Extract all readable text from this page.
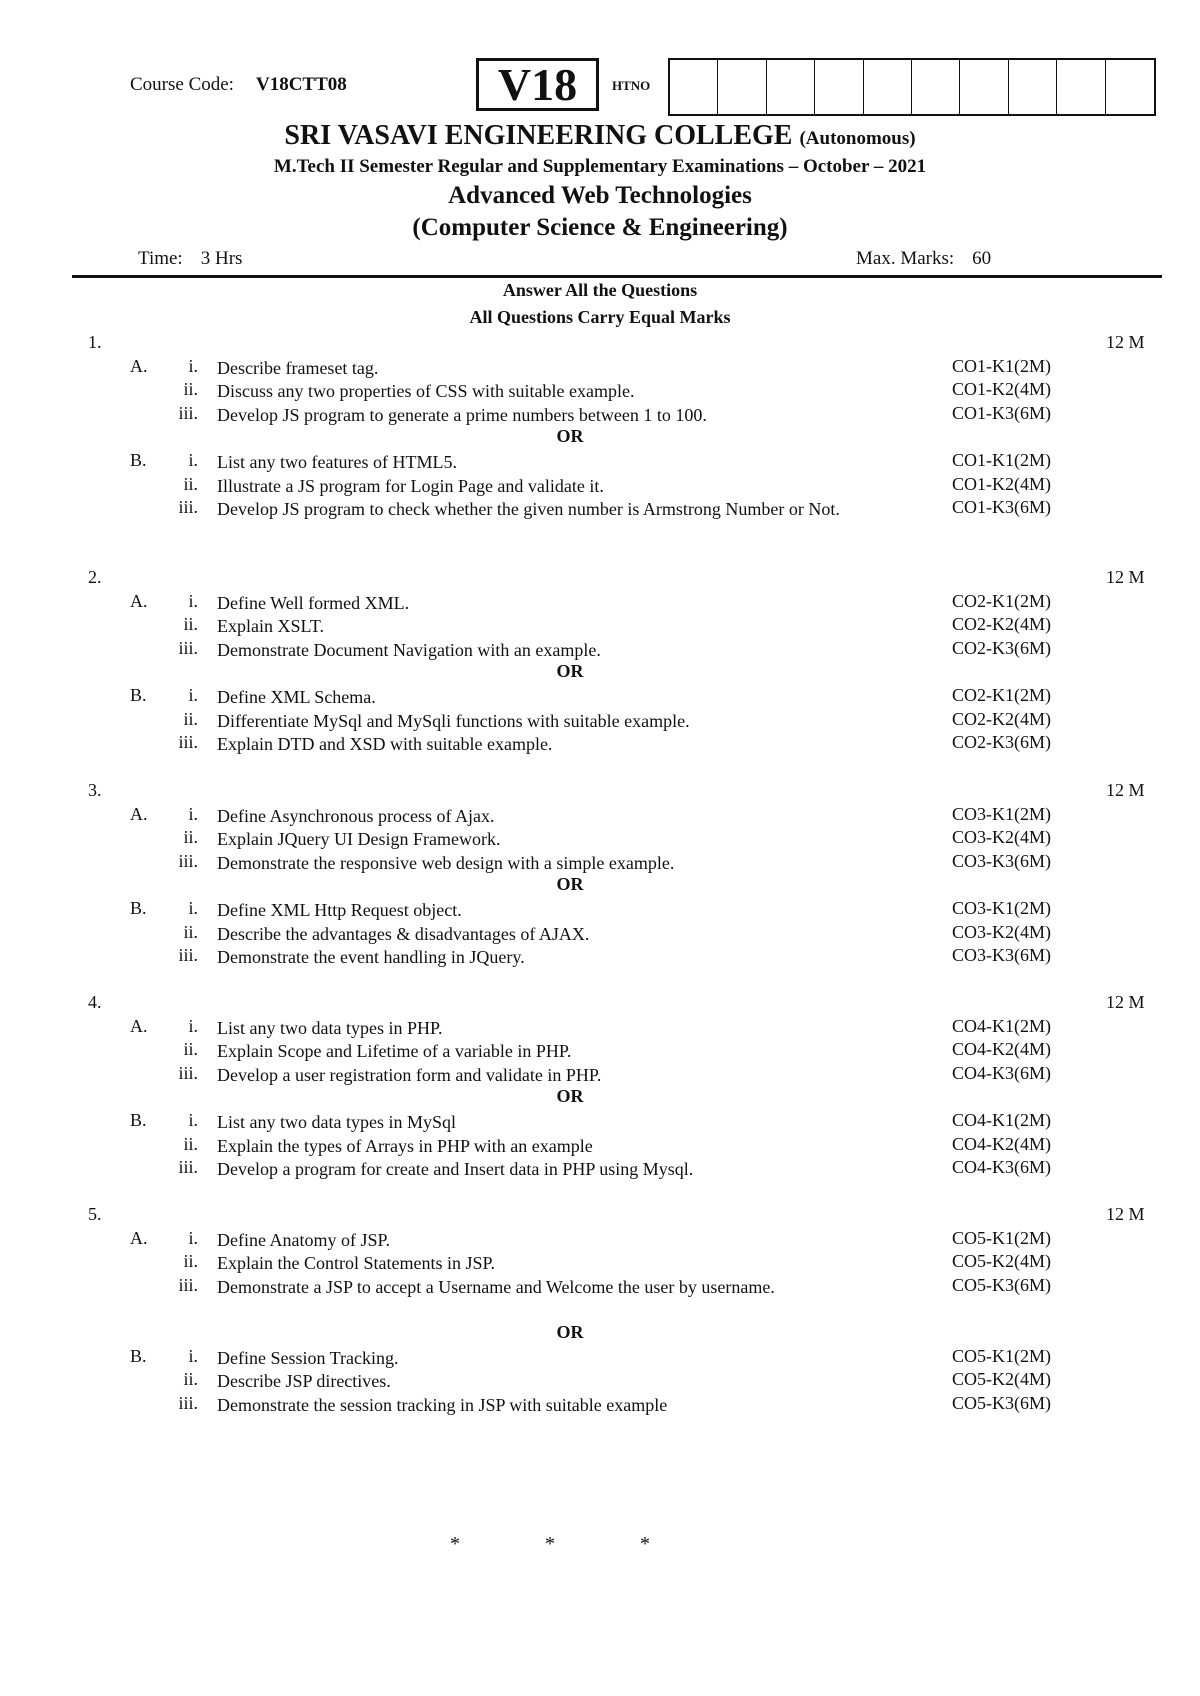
Course Code: V18CTT08	V18	HTNO
SRI VASAVI ENGINEERING COLLEGE (Autonomous)
M.Tech II Semester Regular and Supplementary Examinations – October – 2021
Advanced Web Technologies
(Computer Science & Engineering)
Time: 3 Hrs	Max. Marks: 60
Answer All the Questions
All Questions Carry Equal Marks
1.	12 M
A. i. Describe frameset tag.	CO1-K1(2M)
ii. Discuss any two properties of CSS with suitable example.	CO1-K2(4M)
iii. Develop JS program to generate a prime numbers between 1 to 100.	CO1-K3(6M)
OR
B. i. List any two features of HTML5.	CO1-K1(2M)
ii. Illustrate a JS program for Login Page and validate it.	CO1-K2(4M)
iii. Develop JS program to check whether the given number is Armstrong Number or Not.	CO1-K3(6M)
2.	12 M
A. i. Define Well formed XML.	CO2-K1(2M)
ii. Explain XSLT.	CO2-K2(4M)
iii. Demonstrate Document Navigation with an example.	CO2-K3(6M)
OR
B. i. Define XML Schema.	CO2-K1(2M)
ii. Differentiate MySql and MySqli functions with suitable example.	CO2-K2(4M)
iii. Explain DTD and XSD with suitable example.	CO2-K3(6M)
3.	12 M
A. i. Define Asynchronous process of Ajax.	CO3-K1(2M)
ii. Explain JQuery UI Design Framework.	CO3-K2(4M)
iii. Demonstrate the responsive web design with a simple example.	CO3-K3(6M)
OR
B. i. Define XML Http Request object.	CO3-K1(2M)
ii. Describe the advantages & disadvantages of AJAX.	CO3-K2(4M)
iii. Demonstrate the event handling in JQuery.	CO3-K3(6M)
4.	12 M
A. i. List any two data types in PHP.	CO4-K1(2M)
ii. Explain Scope and Lifetime of a variable in PHP.	CO4-K2(4M)
iii. Develop a user registration form and validate in PHP.	CO4-K3(6M)
OR
B. i. List any two data types in MySql	CO4-K1(2M)
ii. Explain the types of Arrays in PHP with an example	CO4-K2(4M)
iii. Develop a program for create and Insert data in PHP using Mysql.	CO4-K3(6M)
5.	12 M
A. i. Define Anatomy of JSP.	CO5-K1(2M)
ii. Explain the Control Statements in JSP.	CO5-K2(4M)
iii. Demonstrate a JSP to accept a Username and Welcome the user by username.	CO5-K3(6M)
OR
B. i. Define Session Tracking.	CO5-K1(2M)
ii. Describe JSP directives.	CO5-K2(4M)
iii. Demonstrate the session tracking in JSP with suitable example	CO5-K3(6M)
* * *
